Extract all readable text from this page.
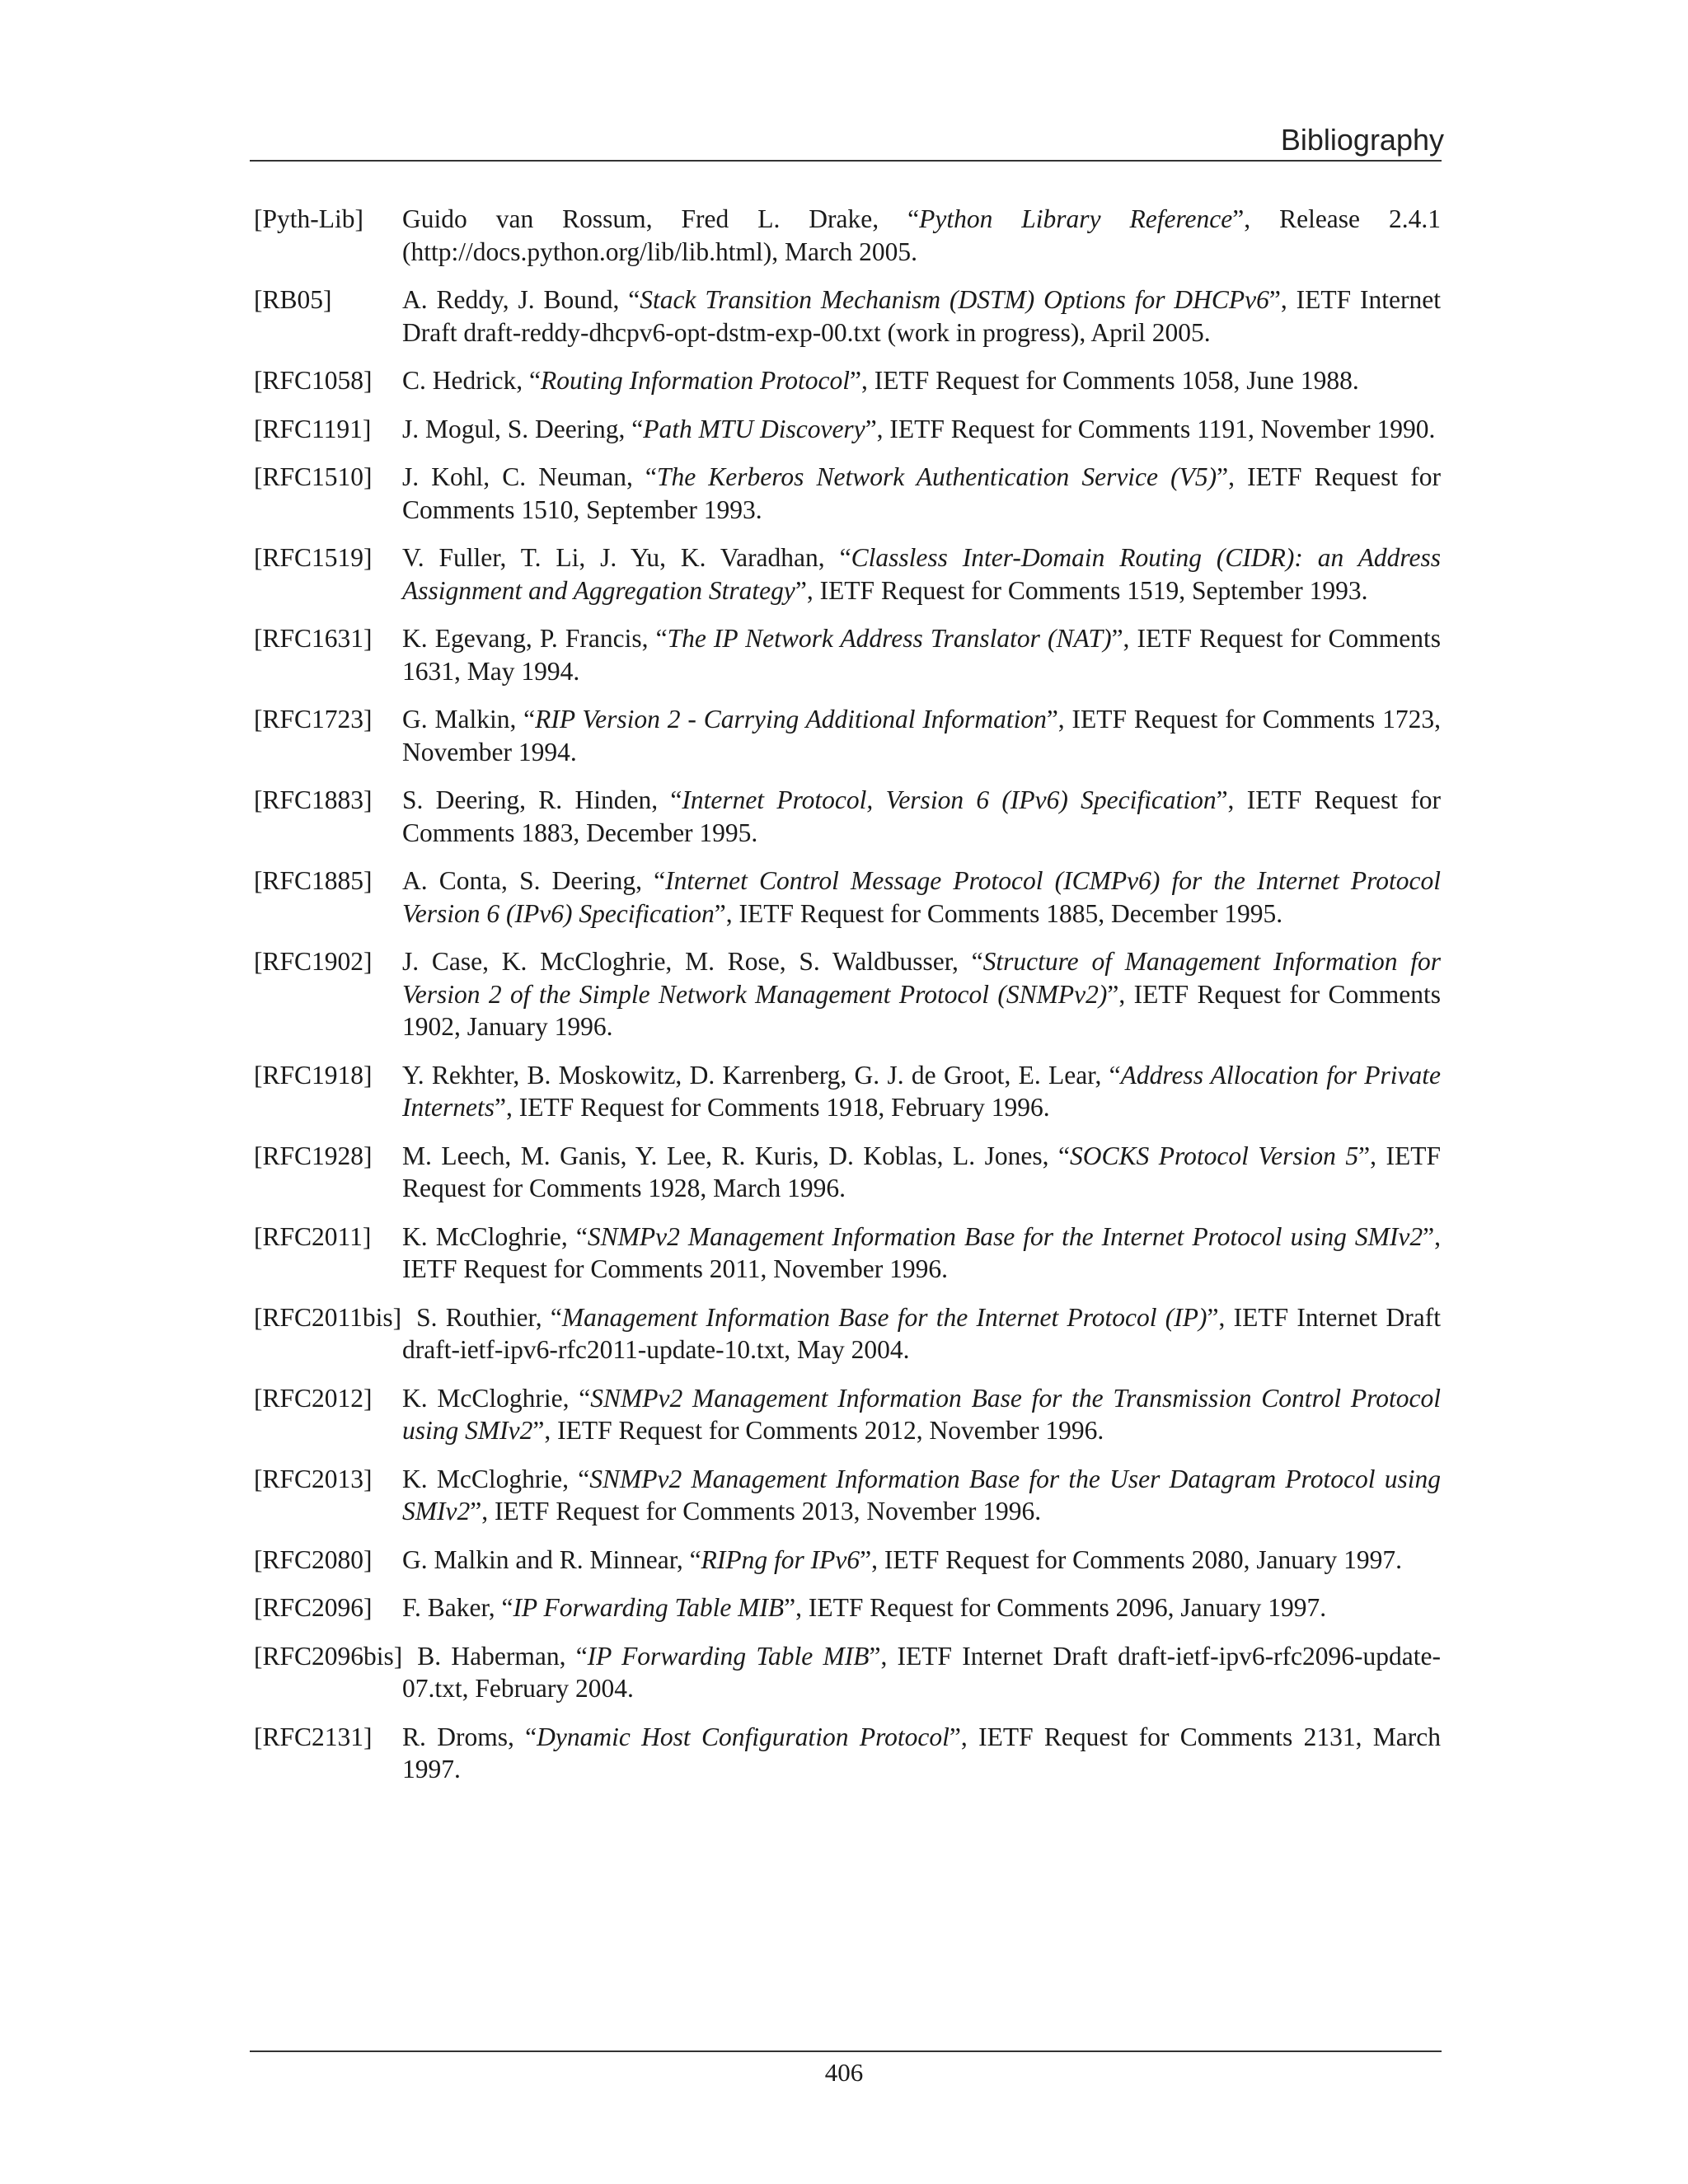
Bibliography
[Pyth-Lib]	Guido van Rossum, Fred L. Drake, “Python Library Reference”, Release 2.4.1 (http://docs.python.org/lib/lib.html), March 2005.
[RB05]	A. Reddy, J. Bound, “Stack Transition Mechanism (DSTM) Options for DHCPv6”, IETF Internet Draft draft-reddy-dhcpv6-opt-dstm-exp-00.txt (work in progress), April 2005.
[RFC1058]	C. Hedrick, “Routing Information Protocol”, IETF Request for Comments 1058, June 1988.
[RFC1191]	J. Mogul, S. Deering, “Path MTU Discovery”, IETF Request for Comments 1191, November 1990.
[RFC1510]	J. Kohl, C. Neuman, “The Kerberos Network Authentication Service (V5)”, IETF Request for Comments 1510, September 1993.
[RFC1519]	V. Fuller, T. Li, J. Yu, K. Varadhan, “Classless Inter-Domain Routing (CIDR): an Address Assignment and Aggregation Strategy”, IETF Request for Comments 1519, September 1993.
[RFC1631]	K. Egevang, P. Francis, “The IP Network Address Translator (NAT)”, IETF Request for Comments 1631, May 1994.
[RFC1723]	G. Malkin, “RIP Version 2 - Carrying Additional Information”, IETF Request for Comments 1723, November 1994.
[RFC1883]	S. Deering, R. Hinden, “Internet Protocol, Version 6 (IPv6) Specification”, IETF Request for Comments 1883, December 1995.
[RFC1885]	A. Conta, S. Deering, “Internet Control Message Protocol (ICMPv6) for the Internet Protocol Version 6 (IPv6) Specification”, IETF Request for Comments 1885, December 1995.
[RFC1902]	J. Case, K. McCloghrie, M. Rose, S. Waldbusser, “Structure of Management Information for Version 2 of the Simple Network Management Protocol (SNMPv2)”, IETF Request for Comments 1902, January 1996.
[RFC1918]	Y. Rekhter, B. Moskowitz, D. Karrenberg, G. J. de Groot, E. Lear, “Address Allocation for Private Internets”, IETF Request for Comments 1918, February 1996.
[RFC1928]	M. Leech, M. Ganis, Y. Lee, R. Kuris, D. Koblas, L. Jones, “SOCKS Protocol Version 5”, IETF Request for Comments 1928, March 1996.
[RFC2011]	K. McCloghrie, “SNMPv2 Management Information Base for the Internet Protocol using SMIv2”, IETF Request for Comments 2011, November 1996.
[RFC2011bis] S. Routhier, “Management Information Base for the Internet Protocol (IP)”, IETF Internet Draft draft-ietf-ipv6-rfc2011-update-10.txt, May 2004.
[RFC2012]	K. McCloghrie, “SNMPv2 Management Information Base for the Transmission Control Protocol using SMIv2”, IETF Request for Comments 2012, November 1996.
[RFC2013]	K. McCloghrie, “SNMPv2 Management Information Base for the User Datagram Protocol using SMIv2”, IETF Request for Comments 2013, November 1996.
[RFC2080]	G. Malkin and R. Minnear, “RIPng for IPv6”, IETF Request for Comments 2080, January 1997.
[RFC2096]	F. Baker, “IP Forwarding Table MIB”, IETF Request for Comments 2096, January 1997.
[RFC2096bis] B. Haberman, “IP Forwarding Table MIB”, IETF Internet Draft draft-ietf-ipv6-rfc2096-update-07.txt, February 2004.
[RFC2131]	R. Droms, “Dynamic Host Configuration Protocol”, IETF Request for Comments 2131, March 1997.
406
